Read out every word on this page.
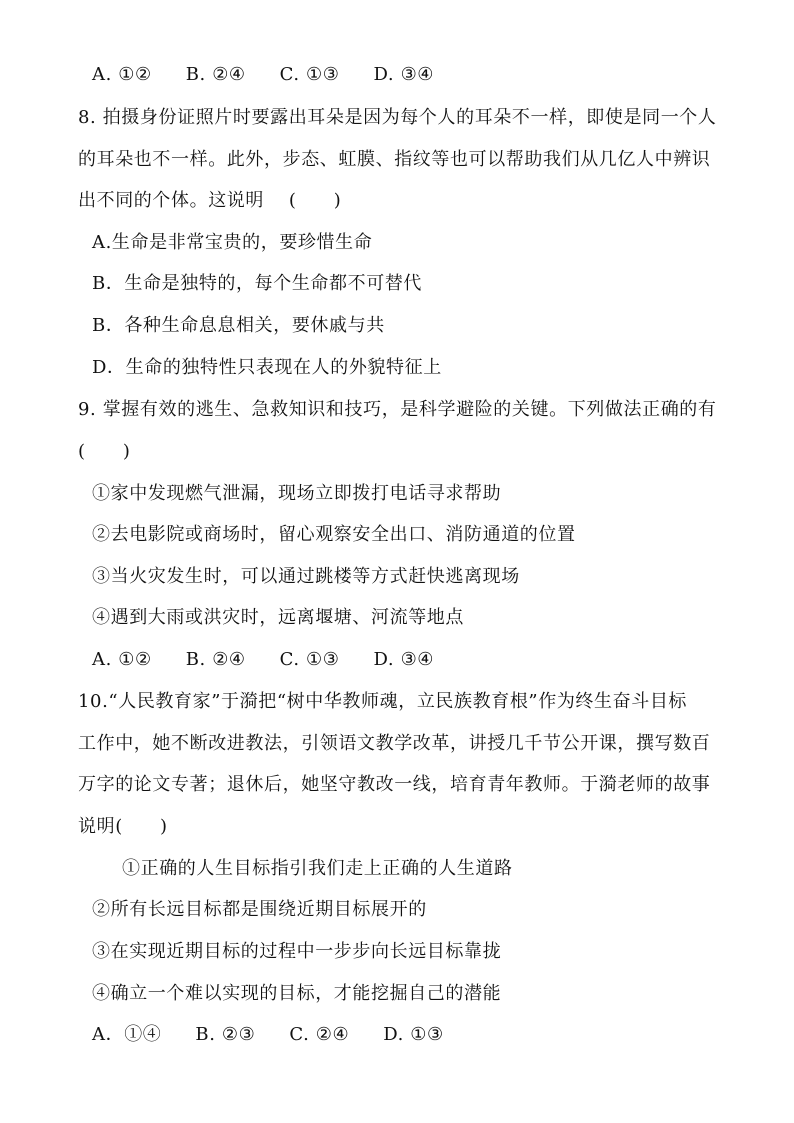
A. ①② B. ②④ C. ①③ D. ③④
8. 拍摄身份证照片时要露出耳朵是因为每个人的耳朵不一样，即使是同一个人
的耳朵也不一样。此外，步态、虹膜、指纹等也可以帮助我们从几亿人中辨识
出不同的个体。这说明　 (　　)
A.生命是非常宝贵的，要珍惜生命
B．生命是独特的，每个生命都不可替代
B．各种生命息息相关，要休戚与共
D．生命的独特性只表现在人的外貌特征上
9. 掌握有效的逃生、急救知识和技巧，是科学避险的关键。下列做法正确的有
(　　)
①家中发现燃气泄漏，现场立即拨打电话寻求帮助
②去电影院或商场时，留心观察安全出口、消防通道的位置
③当火灾发生时，可以通过跳楼等方式赶快逃离现场
④遇到大雨或洪灾时，远离堰塘、河流等地点
A. ①② B. ②④ C. ①③ D. ③④
10.“人民教育家”于漪把“树中华教师魂，立民族教育根”作为终生奋斗目标
工作中，她不断改进教法，引领语文教学改革，讲授几千节公开课，撰写数百
万字的论文专著；退休后，她坚守教改一线，培育青年教师。于漪老师的故事
说明(　　)
①正确的人生目标指引我们走上正确的人生道路
②所有长远目标都是围绕近期目标展开的
③在实现近期目标的过程中一步步向长远目标靠拢
④确立一个难以实现的目标，才能挖掘自己的潜能
A．①④ B. ②③ C. ②④ D. ①③
